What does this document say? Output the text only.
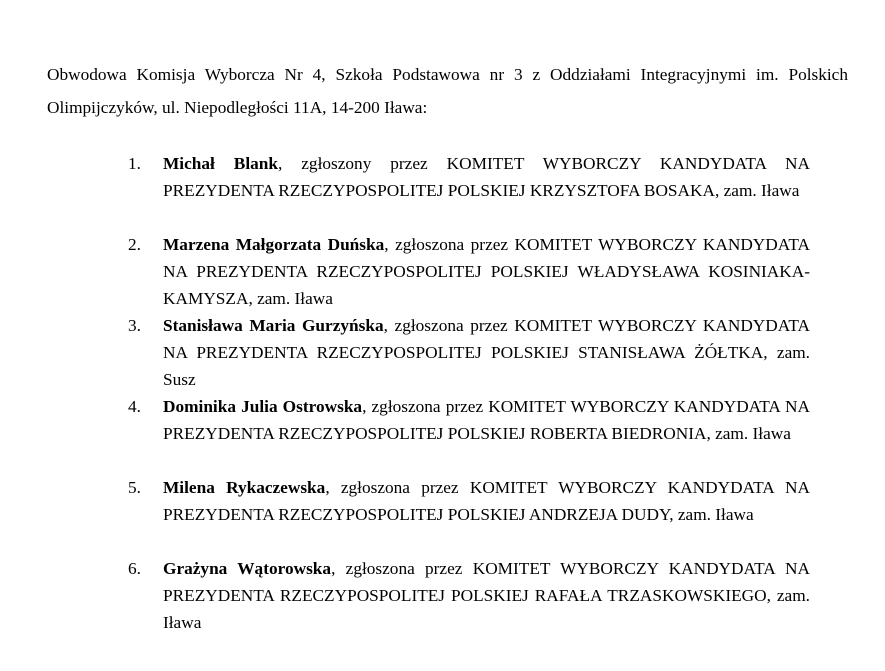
Obwodowa Komisja Wyborcza Nr 4, Szkoła Podstawowa nr 3 z Oddziałami Integracyjnymi im. Polskich Olimpijczyków, ul. Niepodległości 11A, 14-200 Iława:

1.	Michał Blank, zgłoszony przez KOMITET WYBORCZY KANDYDATA NA PREZYDENTA RZECZYPOSPOLITEJ POLSKIEJ KRZYSZTOFA BOSAKA, zam. Iława

2.	Marzena Małgorzata Duńska, zgłoszona przez KOMITET WYBORCZY KANDYDATA NA PREZYDENTA RZECZYPOSPOLITEJ POLSKIEJ WŁADYSŁAWA KOSINIAKA-KAMYSZA, zam. Iława

3.	Stanisława Maria Gurzyńska, zgłoszona przez KOMITET WYBORCZY KANDYDATA NA PREZYDENTA RZECZYPOSPOLITEJ POLSKIEJ STANISŁAWA ŻÓŁTKA, zam. Susz

4.	Dominika Julia Ostrowska, zgłoszona przez KOMITET WYBORCZY KANDYDATA NA PREZYDENTA RZECZYPOSPOLITEJ POLSKIEJ ROBERTA BIEDRONIA, zam. Iława

5.	Milena Rykaczewska, zgłoszona przez KOMITET WYBORCZY KANDYDATA NA PREZYDENTA RZECZYPOSPOLITEJ POLSKIEJ ANDRZEJA DUDY, zam. Iława

6.	Grażyna Wątorowska, zgłoszona przez KOMITET WYBORCZY KANDYDATA NA PREZYDENTA RZECZYPOSPOLITEJ POLSKIEJ RAFAŁA TRZASKOWSKIEGO, zam. Iława
